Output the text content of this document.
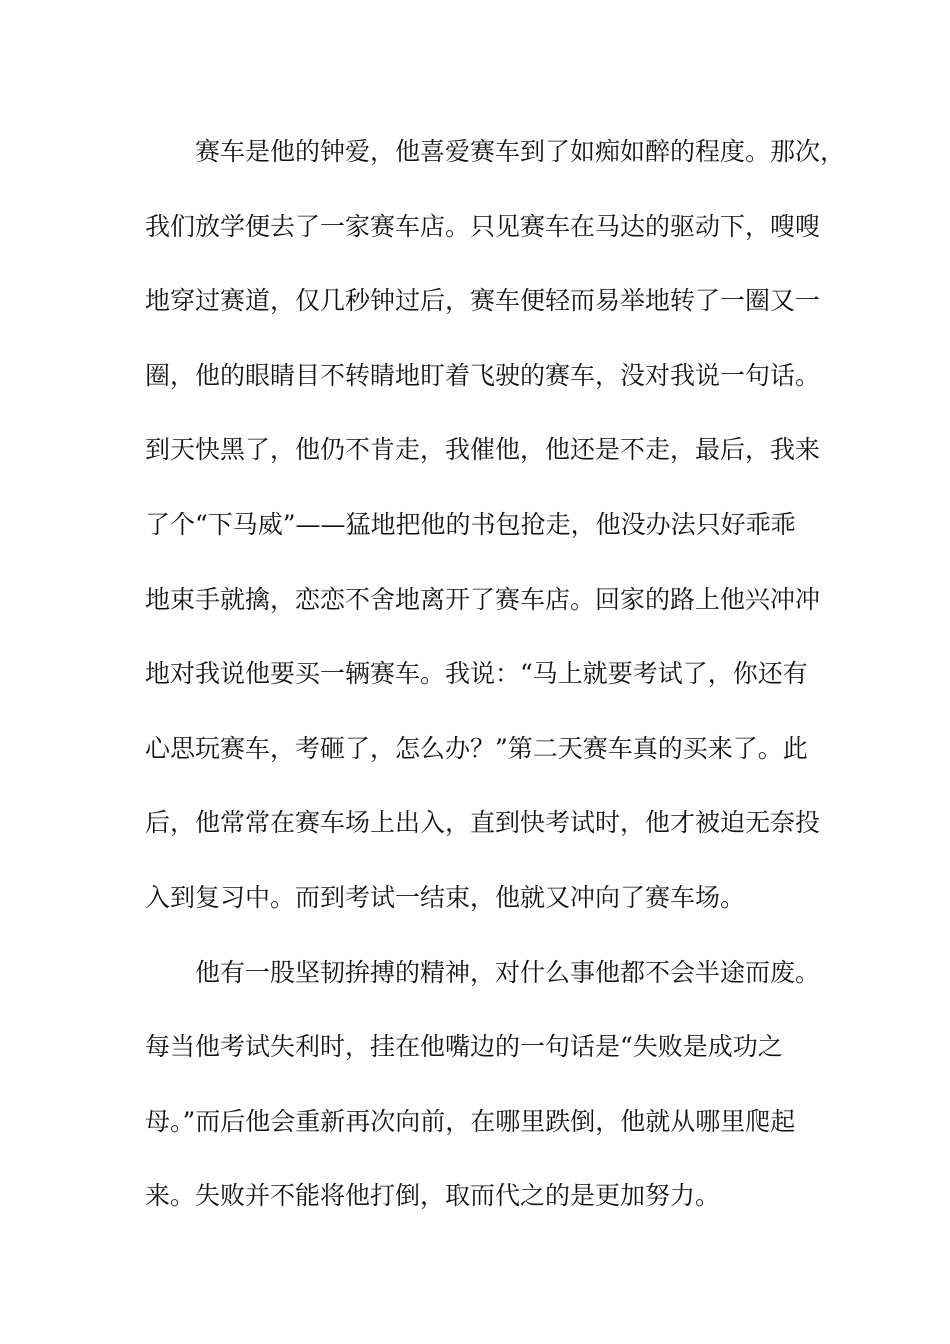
赛车是他的钟爱，他喜爱赛车到了如痴如醉的程度。那次，
我们放学便去了一家赛车店。只见赛车在马达的驱动下，嗖嗖
地穿过赛道，仅几秒钟过后，赛车便轻而易举地转了一圈又一
圈，他的眼睛目不转睛地盯着飞驶的赛车，没对我说一句话。
到天快黑了，他仍不肯走，我催他，他还是不走，最后，我来
了个“下马威”——猛地把他的书包抢走，他没办法只好乖乖
地束手就擒，恋恋不舍地离开了赛车店。回家的路上他兴冲冲
地对我说他要买一辆赛车。我说：“马上就要考试了，你还有
心思玩赛车，考砸了，怎么办？”第二天赛车真的买来了。此
后，他常常在赛车场上出入，直到快考试时，他才被迫无奈投
入到复习中。而到考试一结束，他就又冲向了赛车场。
他有一股坚韧拚搏的精神，对什么事他都不会半途而废。
每当他考试失利时，挂在他嘴边的一句话是“失败是成功之
母。”而后他会重新再次向前，在哪里跌倒，他就从哪里爬起
来。失败并不能将他打倒，取而代之的是更加努力。
